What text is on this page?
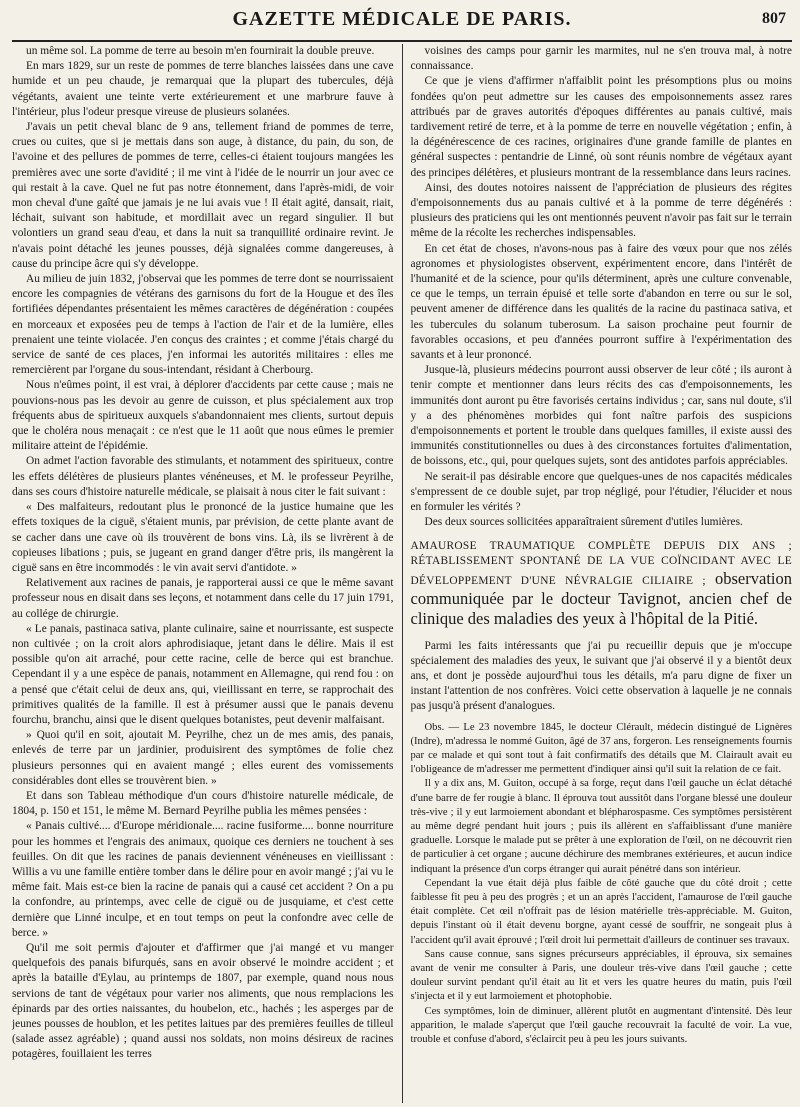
GAZETTE MÉDICALE DE PARIS.	807

un même sol. La pomme de terre au besoin m'en fournirait la double preuve.

En mars 1829, sur un reste de pommes de terre blanches laissées dans une cave humide et un peu chaude, je remarquai que la plupart des tubercules, déjà végétants, avaient une teinte verte extérieurement et une marbrure fauve à l'intérieur, plus l'odeur presque vireuse de plusieurs solanées.

J'avais un petit cheval blanc de 9 ans, tellement friand de pommes de terre, crues ou cuites, que si je mettais dans son auge, à distance, du pain, du son, de l'avoine et des pellures de pommes de terre, celles-ci étaient toujours mangées les premières avec une sorte d'avidité ; il me vint à l'idée de le nourrir un jour avec ce qui restait à la cave. Quel ne fut pas notre étonnement, dans l'après-midi, de voir mon cheval d'une gaîté que jamais je ne lui avais vue ! Il était agité, dansait, riait, léchait, suivant son habitude, et mordillait avec un regard singulier. Il but volontiers un grand seau d'eau, et dans la nuit sa tranquillité ordinaire revint. Je n'avais point détaché les jeunes pousses, déjà signalées comme dangereuses, à cause du principe âcre qui s'y développe.

Au milieu de juin 1832, j'observai que les pommes de terre dont se nourrissaient encore les compagnies de vétérans des garnisons du fort de la Hougue et des îles fortifiées dépendantes présentaient les mêmes caractères de dégénération : coupées en morceaux et exposées peu de temps à l'action de l'air et de la lumière, elles prenaient une teinte violacée. J'en conçus des craintes ; et comme j'étais chargé du service de santé de ces places, j'en informai les autorités militaires : elles me remercièrent par l'organe du sous-intendant, résidant à Cherbourg.

Nous n'eûmes point, il est vrai, à déplorer d'accidents par cette cause ; mais ne pouvions-nous pas les devoir au genre de cuisson, et plus spécialement aux trop fréquents abus de spiritueux auxquels s'abandonnaient mes clients, surtout depuis que le choléra nous menaçait : ce n'est que le 11 août que nous eûmes le premier militaire atteint de l'épidémie.

On admet l'action favorable des stimulants, et notamment des spiritueux, contre les effets délétères de plusieurs plantes vénéneuses, et M. le professeur Peyrilhe, dans ses cours d'histoire naturelle médicale, se plaisait à nous citer le fait suivant :

« Des malfaiteurs, redoutant plus le prononcé de la justice humaine que les effets toxiques de la ciguë, s'étaient munis, par prévision, de cette plante avant de se cacher dans une cave où ils trouvèrent de bons vins. Là, ils se livrèrent à de copieuses libations ; puis, se jugeant en grand danger d'être pris, ils mangèrent la ciguë sans en être incommodés : le vin avait servi d'antidote. »

Relativement aux racines de panais, je rapporterai aussi ce que le même savant professeur nous en disait dans ses leçons, et notamment dans celle du 17 juin 1791, au collége de chirurgie.

« Le panais, pastinaca sativa, plante culinaire, saine et nourrissante, est suspecte non cultivée ; on la croit alors aphrodisiaque, jetant dans le délire. Mais il est possible qu'on ait arraché, pour cette racine, celle de berce qui est branchue. Cependant il y a une espèce de panais, notamment en Allemagne, qui rend fou : on a pensé que c'était celui de deux ans, qui, vieillissant en terre, se rapprochait des primitives qualités de la famille. Il est à présumer aussi que le panais devenu fourchu, branchu, ainsi que le disent quelques botanistes, peut devenir malfaisant.

» Quoi qu'il en soit, ajoutait M. Peyrilhe, chez un de mes amis, des panais, enlevés de terre par un jardinier, produisirent des symptômes de folie chez plusieurs personnes qui en avaient mangé ; elles eurent des vomissements considérables dont elles se trouvèrent bien. »

Et dans son Tableau méthodique d'un cours d'histoire naturelle médicale, de 1804, p. 150 et 151, le même M. Bernard Peyrilhe publia les mêmes pensées :

« Panais cultivé.... d'Europe méridionale.... racine fusiforme.... bonne nourriture pour les hommes et l'engrais des animaux, quoique ces derniers ne touchent à ses feuilles. On dit que les racines de panais deviennent vénéneuses en vieillissant : Willis a vu une famille entière tomber dans le délire pour en avoir mangé ; j'ai vu le même fait. Mais est-ce bien la racine de panais qui a causé cet accident ? On a pu la confondre, au printemps, avec celle de ciguë ou de jusquiame, et c'est cette dernière que Linné inculpe, et en tout temps on peut la confondre avec celle de berce. »

Qu'il me soit permis d'ajouter et d'affirmer que j'ai mangé et vu manger quelquefois des panais bifurqués, sans en avoir observé le moindre accident ; et après la bataille d'Eylau, au printemps de 1807, par exemple, quand nous nous servions de tant de végétaux pour varier nos aliments, que nous remplacions les épinards par des orties naissantes, du houbelon, etc., hachés ; les asperges par de jeunes pousses de houblon, et les petites laitues par des premières feuilles de tilleul (salade assez agréable) ; quand aussi nos soldats, non moins désireux de racines potagères, fouillaient les terres

voisines des camps pour garnir les marmites, nul ne s'en trouva mal, à notre connaissance.

Ce que je viens d'affirmer n'affaiblit point les présomptions plus ou moins fondées qu'on peut admettre sur les causes des empoisonnements assez rares attribués par de graves autorités d'époques différentes au panais cultivé, mais tardivement retiré de terre, et à la pomme de terre en nouvelle végétation ; enfin, à la dégénérescence de ces racines, originaires d'une grande famille de plantes en général suspectes : pentandrie de Linné, où sont réunis nombre de végétaux ayant des principes délétères, et plusieurs montrant de la ressemblance dans leurs racines.

Ainsi, des doutes notoires naissent de l'appréciation de plusieurs des régites d'empoisonnements dus au panais cultivé et à la pomme de terre dégénérés : plusieurs des praticiens qui les ont mentionnés peuvent n'avoir pas fait sur le terrain même de la récolte les recherches indispensables.

En cet état de choses, n'avons-nous pas à faire des vœux pour que nos zélés agronomes et physiologistes observent, expérimentent encore, dans l'intérêt de l'humanité et de la science, pour qu'ils déterminent, après une culture convenable, ce que le temps, un terrain épuisé et telle sorte d'abandon en terre ou sur le sol, peuvent amener de différence dans les qualités de la racine du pastinaca sativa, et les tubercules du solanum tuberosum. La saison prochaine peut fournir de favorables occasions, et peu d'années pourront suffire à l'expérimentation des savants et à leur prononcé.

Jusque-là, plusieurs médecins pourront aussi observer de leur côté ; ils auront à tenir compte et mentionner dans leurs récits des cas d'empoisonnements, les immunités dont auront pu être favorisés certains individus ; car, sans nul doute, s'il y a des phénomènes morbides qui font naître parfois des suspicions d'empoisonnements et portent le trouble dans quelques familles, il existe aussi des immunités constitutionnelles ou dues à des circonstances fortuites d'alimentation, de boissons, etc., qui, pour quelques sujets, sont des antidotes parfois appréciables.

Ne serait-il pas désirable encore que quelques-unes de nos capacités médicales s'empressent de ce double sujet, par trop négligé, pour l'étudier, l'élucider et nous en formuler les vérités ?

Des deux sources sollicitées apparaîtraient sûrement d'utiles lumières.

AMAUROSE TRAUMATIQUE COMPLÈTE DEPUIS DIX ANS ; RÉTABLISSEMENT SPONTANÉ DE LA VUE COÏNCIDANT AVEC LE DÉVELOPPEMENT D'UNE NÉVRALGIE CILIAIRE ; observation communiquée par le docteur Tavignot, ancien chef de clinique des maladies des yeux à l'hôpital de la Pitié.

Parmi les faits intéressants que j'ai pu recueillir depuis que je m'occupe spécialement des maladies des yeux, le suivant que j'ai observé il y a bientôt deux ans, et dont je possède aujourd'hui tous les détails, m'a paru digne de fixer un instant l'attention de nos confrères. Voici cette observation à laquelle je ne connais pas jusqu'à présent d'analogues.

Obs. — Le 23 novembre 1845, le docteur Clérault, médecin distingué de Lignères (Indre), m'adressa le nommé Guiton, âgé de 37 ans, forgeron. Les renseignements fournis par ce malade et qui sont tout à fait confirmatifs des détails que M. Clairault avait eu l'obligeance de m'adresser me permettent d'indiquer ainsi qu'il suit la relation de ce fait.

Il y a dix ans, M. Guiton, occupé à sa forge, reçut dans l'œil gauche un éclat détaché d'une barre de fer rougie à blanc. Il éprouva tout aussitôt dans l'organe blessé une douleur très-vive ; il y eut larmoiement abondant et blépharospasme. Ces symptômes persistèrent au même degré pendant huit jours ; puis ils allèrent en s'affaiblissant d'une manière graduelle. Lorsque le malade put se prêter à une exploration de l'œil, on ne découvrit rien de particulier à cet organe ; aucune déchirure des membranes extérieures, et aucun indice indiquant la présence d'un corps étranger qui aurait pénétré dans son intérieur.

Cependant la vue était déjà plus faible de côté gauche que du côté droit ; cette faiblesse fit peu à peu des progrès ; et un an après l'accident, l'amaurose de l'œil gauche était complète. Cet œil n'offrait pas de lésion matérielle très-appréciable. M. Guiton, depuis l'instant où il était devenu borgne, ayant cessé de souffrir, ne songeait plus à l'accident qu'il avait éprouvé ; l'œil droit lui permettait d'ailleurs de continuer ses travaux.

Sans cause connue, sans signes précurseurs appréciables, il éprouva, six semaines avant de venir me consulter à Paris, une douleur très-vive dans l'œil gauche ; cette douleur survint pendant qu'il était au lit et vers les quatre heures du matin, puis l'œil s'injecta et il y eut larmoiement et photophobie.

Ces symptômes, loin de diminuer, allèrent plutôt en augmentant d'intensité. Dès leur apparition, le malade s'aperçut que l'œil gauche recouvrait la faculté de voir. La vue, trouble et confuse d'abord, s'éclaircit peu à peu les jours suivants.
